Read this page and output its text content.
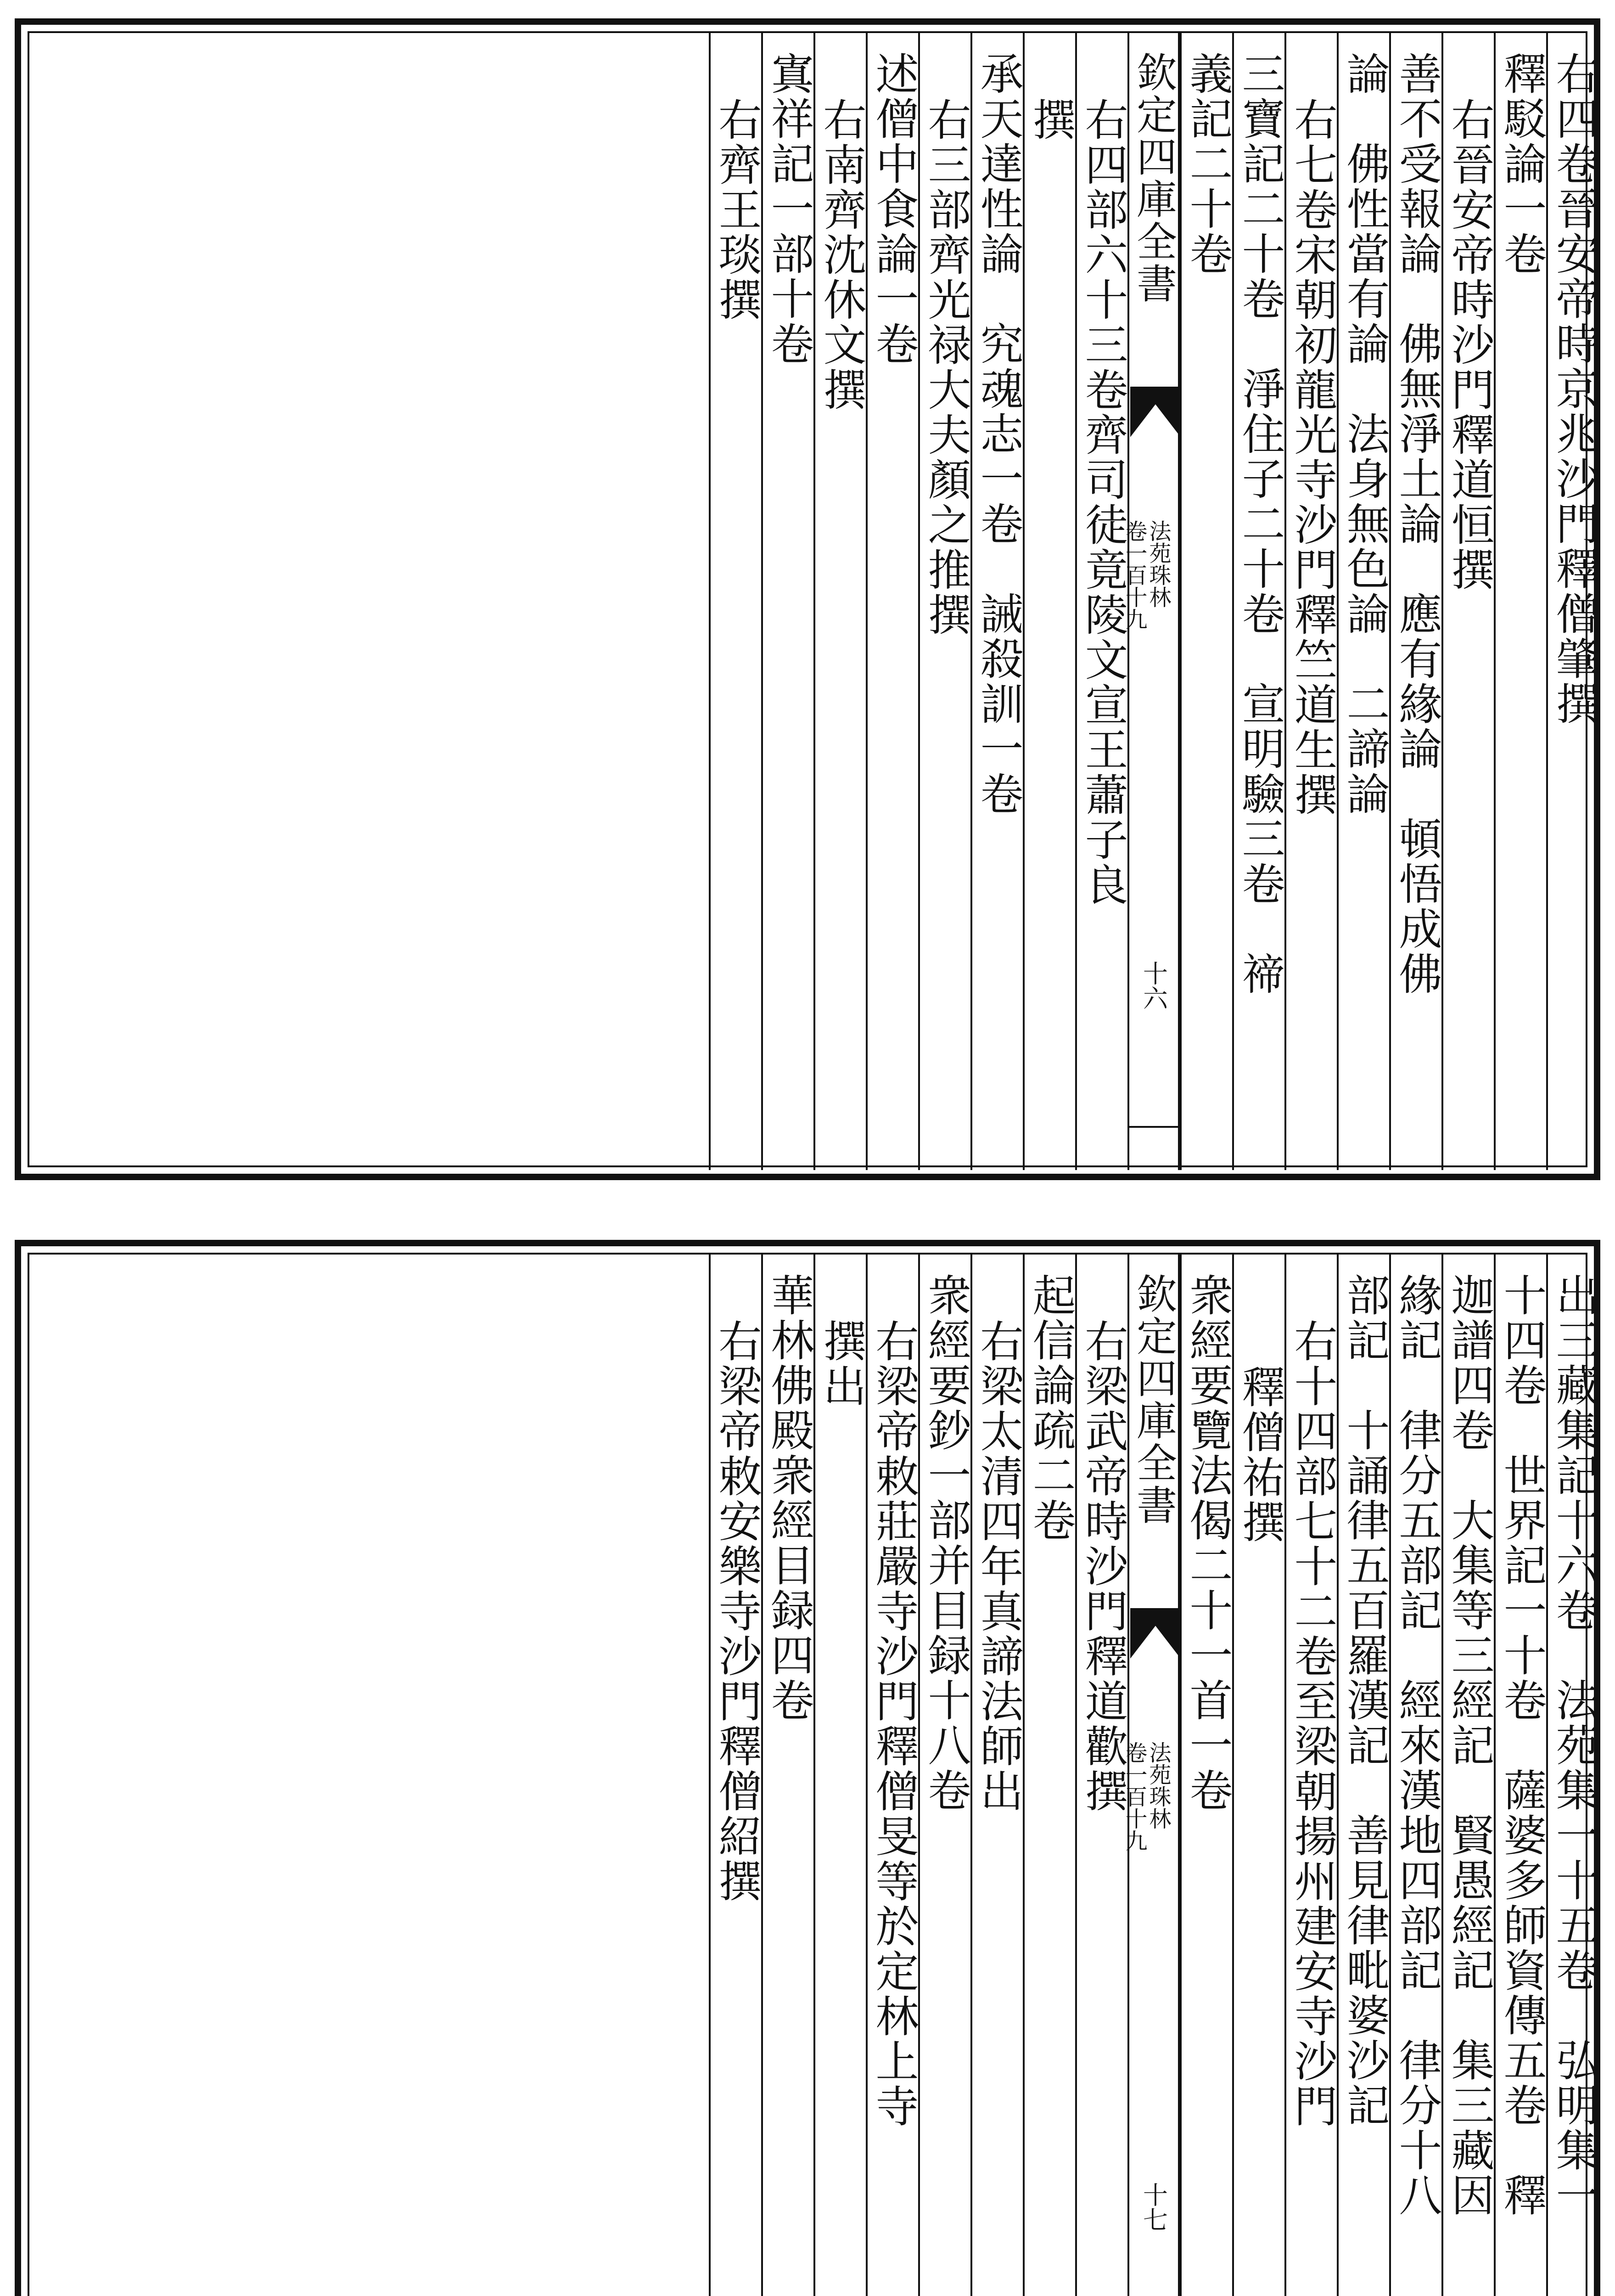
右四卷晉安帝時京兆沙門釋僧肇撰
釋駁論一卷
右晉安帝時沙門釋道恒撰
善不受報論　佛無淨土論　應有緣論　頓悟成佛
論　佛性當有論　法身無色論　二諦論
右七卷宋朝初龍光寺沙門釋竺道生撰
三寶記二十卷　淨住子二十卷　宣明驗三卷　禘
義記二十卷
欽定四庫全書
法苑珠林
卷一百十九
十六
右四部六十三卷齊司徒竟陵文宣王蕭子良
撰
承天達性論　究魂志一卷　誡殺訓一卷
右三部齊光禄大夫顏之推撰
述僧中食論一卷
右南齊沈休文撰
寘祥記一部十卷
右齊王琰撰
出三藏集記十六卷　法苑集一十五卷　弘明集一
十四卷　世界記一十卷　薩婆多師資傳五卷　釋
迦譜四卷　大集等三經記　賢愚經記　集三藏因
緣記　律分五部記　經來漢地四部記　律分十八
部記　十誦律五百羅漢記　善見律毗婆沙記
右十四部七十二卷至梁朝揚州建安寺沙門
釋僧祐撰
衆經要覽法偈二十一首一卷
欽定四庫全書
法苑珠林
卷一百十九
十七
右梁武帝時沙門釋道歡撰
起信論疏二卷
右梁太清四年真諦法師出
衆經要鈔一部并目録十八卷
右梁帝敕莊嚴寺沙門釋僧旻等於定林上寺
撰出
華林佛殿衆經目録四卷
右梁帝敕安樂寺沙門釋僧紹撰
